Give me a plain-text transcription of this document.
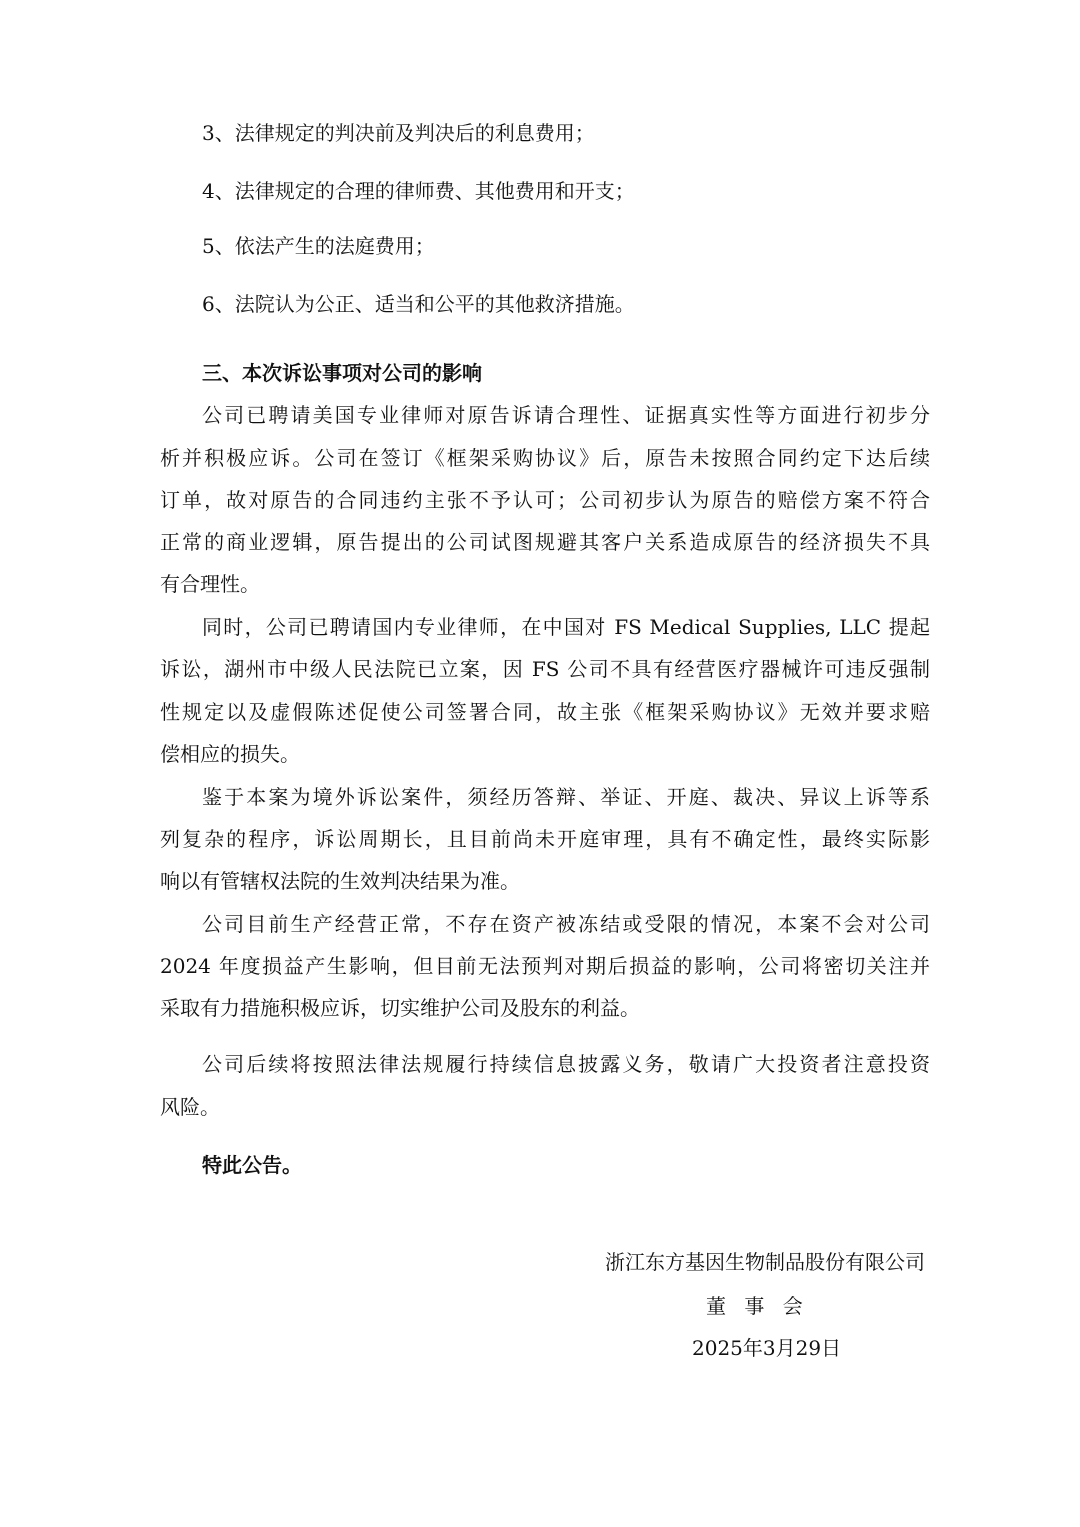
3、法律规定的判决前及判决后的利息费用；
4、法律规定的合理的律师费、其他费用和开支；
5、依法产生的法庭费用；
6、法院认为公正、适当和公平的其他救济措施。
三、本次诉讼事项对公司的影响
公司已聘请美国专业律师对原告诉请合理性、证据真实性等方面进行初步分
析并积极应诉。公司在签订《框架采购协议》后，原告未按照合同约定下达后续
订单，故对原告的合同违约主张不予认可；公司初步认为原告的赔偿方案不符合
正常的商业逻辑，原告提出的公司试图规避其客户关系造成原告的经济损失不具
有合理性。
同时，公司已聘请国内专业律师，在中国对 FS Medical Supplies, LLC 提起
诉讼，湖州市中级人民法院已立案，因 FS 公司不具有经营医疗器械许可违反强制
性规定以及虚假陈述促使公司签署合同，故主张《框架采购协议》无效并要求赔
偿相应的损失。
鉴于本案为境外诉讼案件，须经历答辩、举证、开庭、裁决、异议上诉等系
列复杂的程序，诉讼周期长，且目前尚未开庭审理，具有不确定性，最终实际影
响以有管辖权法院的生效判决结果为准。
公司目前生产经营正常，不存在资产被冻结或受限的情况，本案不会对公司
2024 年度损益产生影响，但目前无法预判对期后损益的影响，公司将密切关注并
采取有力措施积极应诉，切实维护公司及股东的利益。
公司后续将按照法律法规履行持续信息披露义务，敬请广大投资者注意投资
风险。
特此公告。
浙江东方基因生物制品股份有限公司
董 事 会
2025年3月29日
